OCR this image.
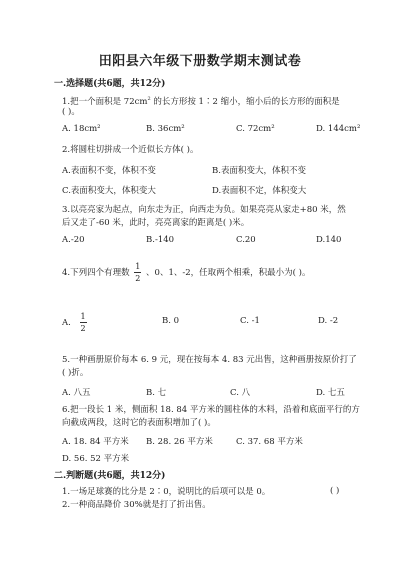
田阳县六年级下册数学期末测试卷
一.选择题(共6题，共12分)
1.把一个面积是 $72cm^2$ 的长方形按 1∶2 缩小，缩小后的长方形的面积是
( )。
A. 18cm²	B. 36cm²	C. 72cm²	D. 144cm²
2.将圆柱切拼成一个近似长方体( )。
A.表面积不变，体积不变	B.表面积变大，体积不变
C.表面积变大，体积变大	D.表面积不定，体积变大
3.以亮亮家为起点，向东走为正，向西走为负。如果亮亮从家走+80 米，然
后又走了-60 米，此时，亮亮离家的距离是( )米。
A.-20	B.-140	C.20	D.140
4.下列四个有理数 $\frac{1}{2}$ 、0、1、-2，任取两个相乘，积最小为( )。
A. $\frac{1}{2}$	B. 0	C. -1	D. -2
5.一种画册原价每本 6. 9 元，现在按每本 4. 83 元出售，这种画册按原价打了
( )折。
A. 八五	B. 七	C. 八	D. 七五
6.把一段长 1 米，侧面积 18. 84 平方米的圆柱体的木料，沿着和底面平行的方
向截成两段，这时它的表面积增加了( )。
A. 18. 84 平方米 B. 28. 26 平方米	C. 37. 68 平方米
D. 56. 52 平方米
二.判断题(共6题，共12分)
1.一场足球赛的比分是 2∶0，说明比的后项可以是 0。	( )
2.一种商品降价 30%就是打了折出售。
